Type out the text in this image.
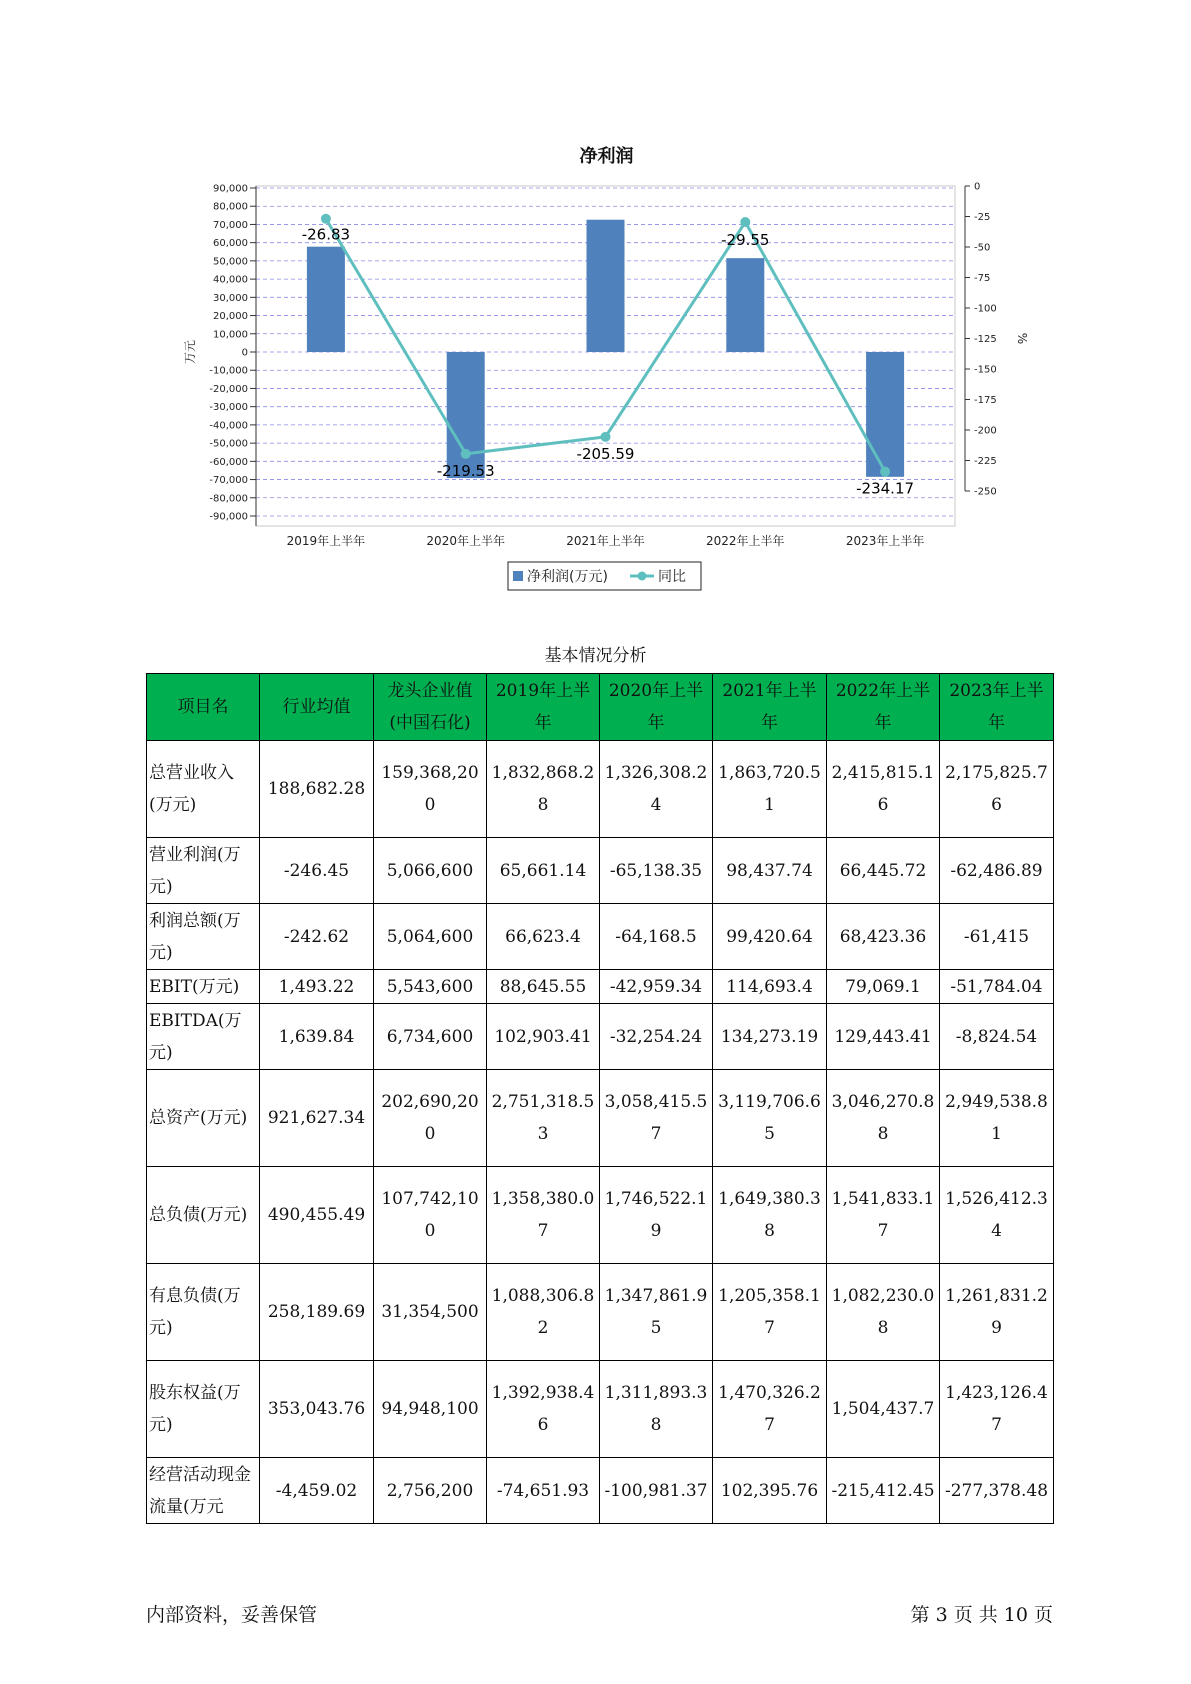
净利润
90,000
80,000
70,000
60,000
50,000
40,000
30,000
20,000
10,000
0
-10,000
-20,000
-30,000
-40,000
-50,000
-60,000
-70,000
-80,000
-90,000
0
-25
-50
-75
-100
-125
-150
-175
-200
-225
-250
万元
%
2019年上半年	2020年上半年	2021年上半年	2022年上半年	2023年上半年
-26.83
-219.53
-205.59
-29.55
-234.17
净利润(万元)	同比
基本情况分析
项目名	行业均值	龙头企业值(中国石化)	2019年上半年	2020年上半年	2021年上半年	2022年上半年	2023年上半年
总营业收入(万元)	188,682.28	159,368,200	1,832,868.28	1,326,308.24	1,863,720.51	2,415,815.16	2,175,825.76
营业利润(万元)	-246.45	5,066,600	65,661.14	-65,138.35	98,437.74	66,445.72	-62,486.89
利润总额(万元)	-242.62	5,064,600	66,623.4	-64,168.5	99,420.64	68,423.36	-61,415
EBIT(万元)	1,493.22	5,543,600	88,645.55	-42,959.34	114,693.4	79,069.1	-51,784.04
EBITDA(万元)	1,639.84	6,734,600	102,903.41	-32,254.24	134,273.19	129,443.41	-8,824.54
总资产(万元)	921,627.34	202,690,200	2,751,318.53	3,058,415.57	3,119,706.65	3,046,270.88	2,949,538.81
总负债(万元)	490,455.49	107,742,100	1,358,380.07	1,746,522.19	1,649,380.38	1,541,833.17	1,526,412.34
有息负债(万元)	258,189.69	31,354,500	1,088,306.82	1,347,861.95	1,205,358.17	1,082,230.08	1,261,831.29
股东权益(万元)	353,043.76	94,948,100	1,392,938.46	1,311,893.38	1,470,326.27	1,504,437.7	1,423,126.47
经营活动现金流量(万元	-4,459.02	2,756,200	-74,651.93	-100,981.37	102,395.76	-215,412.45	-277,378.48
内部资料，妥善保管	第 3 页 共 10 页
